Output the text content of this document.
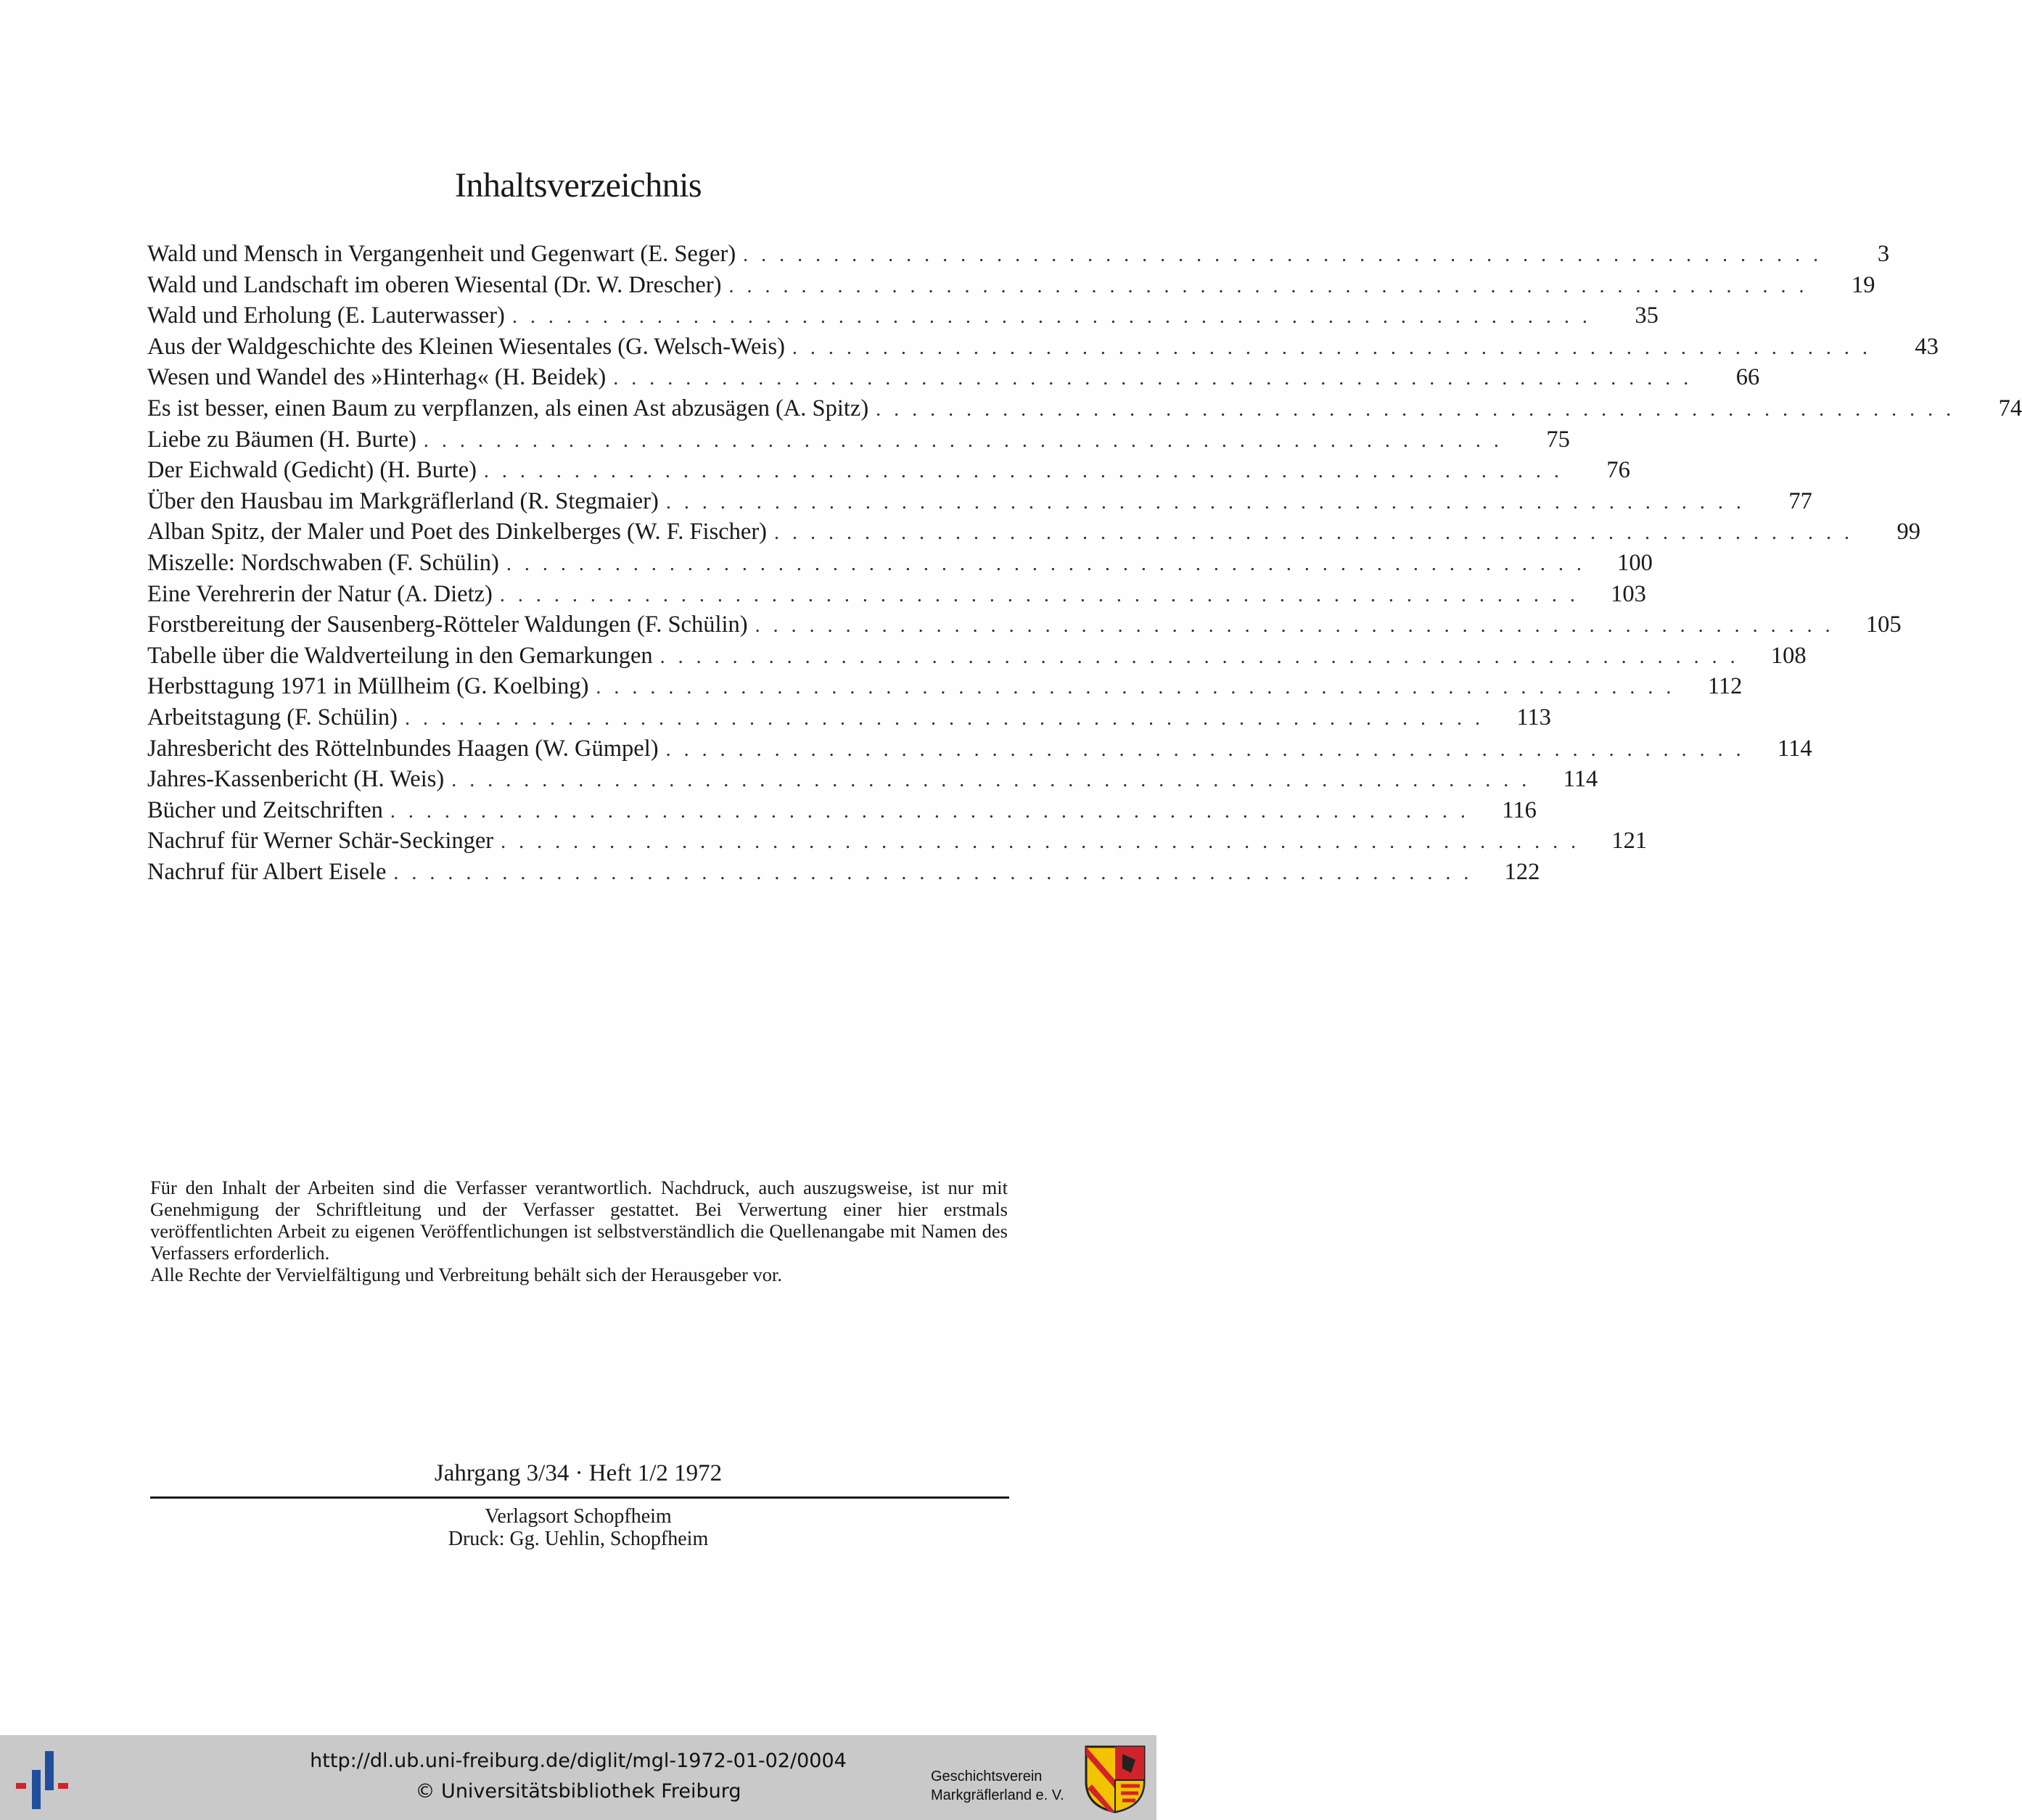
Inhaltsverzeichnis
Wald und Mensch in Vergangenheit und Gegenwart (E. Seger) ............................................................	3
Wald und Landschaft im oberen Wiesental (Dr. W. Drescher) ............................................................	19
Wald und Erholung (E. Lauterwasser) ............................................................	35
Aus der Waldgeschichte des Kleinen Wiesentales (G. Welsch-Weis) ............................................................	43
Wesen und Wandel des »Hinterhag« (H. Beidek) ............................................................	66
Es ist besser, einen Baum zu verpflanzen, als einen Ast abzusägen (A. Spitz) ............................................................	74
Liebe zu Bäumen (H. Burte) ............................................................	75
Der Eichwald (Gedicht) (H. Burte) ............................................................	76
Über den Hausbau im Markgräflerland (R. Stegmaier) ............................................................	77
Alban Spitz, der Maler und Poet des Dinkelberges (W. F. Fischer) ............................................................	99
Miszelle: Nordschwaben (F. Schülin) ............................................................ 100
Eine Verehrerin der Natur (A. Dietz) ............................................................ 103
Forstbereitung der Sausenberg-Rötteler Waldungen (F. Schülin) ............................................................ 105
Tabelle über die Waldverteilung in den Gemarkungen ............................................................ 108
Herbsttagung 1971 in Müllheim (G. Koelbing) ............................................................ 112
Arbeitstagung (F. Schülin) ............................................................ 113
Jahresbericht des Röttelnbundes Haagen (W. Gümpel) ............................................................ 114
Jahres-Kassenbericht (H. Weis) ............................................................ 114
Bücher und Zeitschriften ............................................................ 116
Nachruf für Werner Schär-Seckinger ............................................................ 121
Nachruf für Albert Eisele ............................................................ 122

Für den Inhalt der Arbeiten sind die Verfasser verantwortlich. Nachdruck, auch auszugsweise, ist nur mit Genehmigung der Schriftleitung und der Verfasser gestattet. Bei Verwertung einer hier erstmals veröffentlichten Arbeit zu eigenen Veröffentlichungen ist selbstverständlich die Quellenangabe mit Namen des Verfassers erforderlich.

Alle Rechte der Vervielfältigung und Verbreitung behält sich der Herausgeber vor.

Jahrgang 3/34 · Heft 1/2 1972
Verlagsort Schopfheim
Druck: Gg. Uehlin, Schopfheim
http://dl.ub.uni-freiburg.de/diglit/mgl-1972-01-02/0004
© Universitätsbibliothek Freiburg
Geschichtsverein
Markgräflerland e. V.
